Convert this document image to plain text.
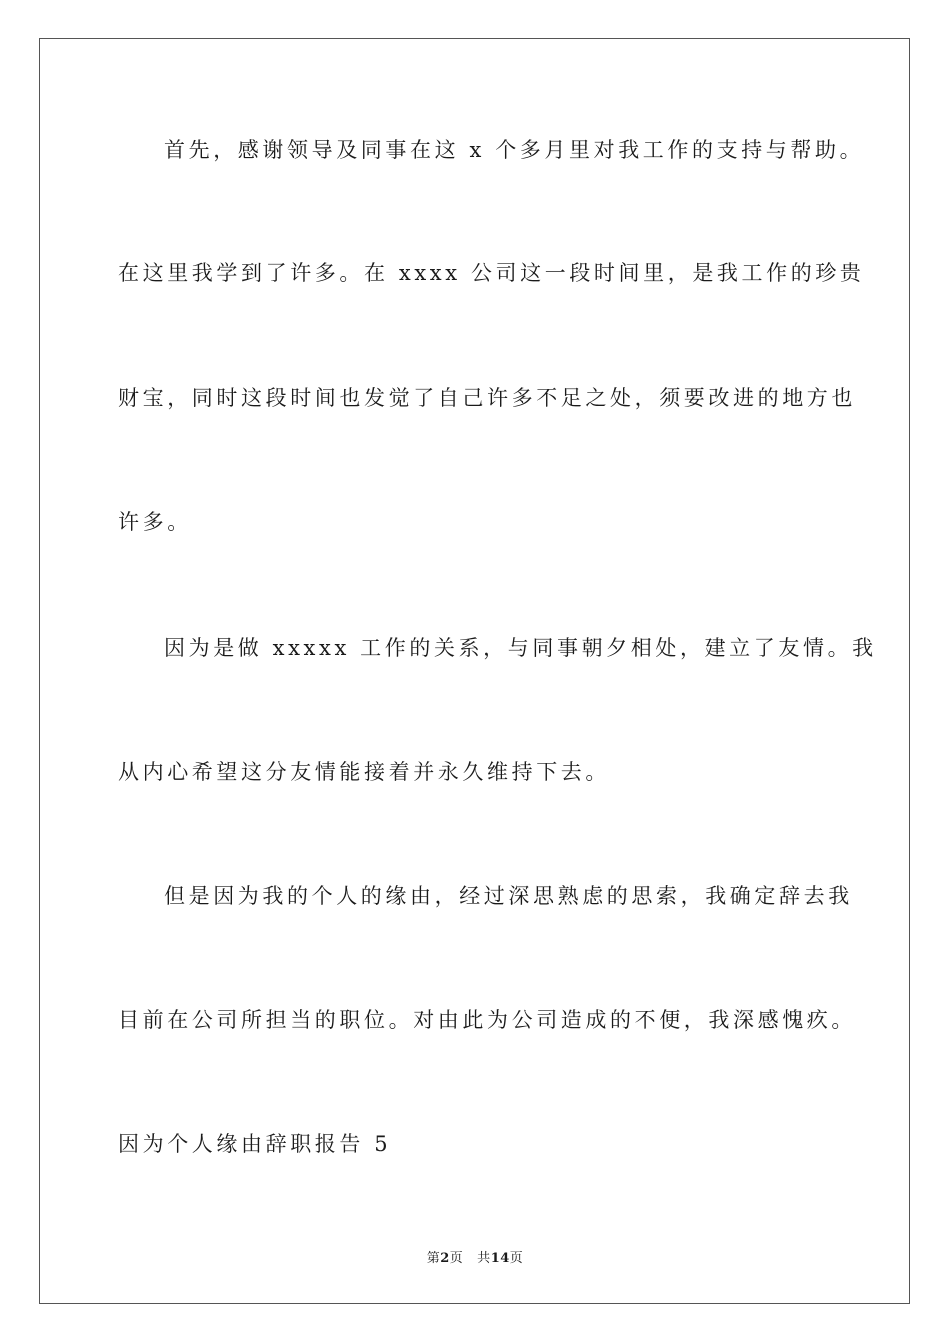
首先，感谢领导及同事在这 x 个多月里对我工作的支持与帮助。
在这里我学到了许多。在 xxxx 公司这一段时间里，是我工作的珍贵
财宝，同时这段时间也发觉了自己许多不足之处，须要改进的地方也
许多。
因为是做 xxxxx 工作的关系，与同事朝夕相处，建立了友情。我
从内心希望这分友情能接着并永久维持下去。
但是因为我的个人的缘由，经过深思熟虑的思索，我确定辞去我
目前在公司所担当的职位。对由此为公司造成的不便，我深感愧疚。
因为个人缘由辞职报告 5
第2页 共14页
